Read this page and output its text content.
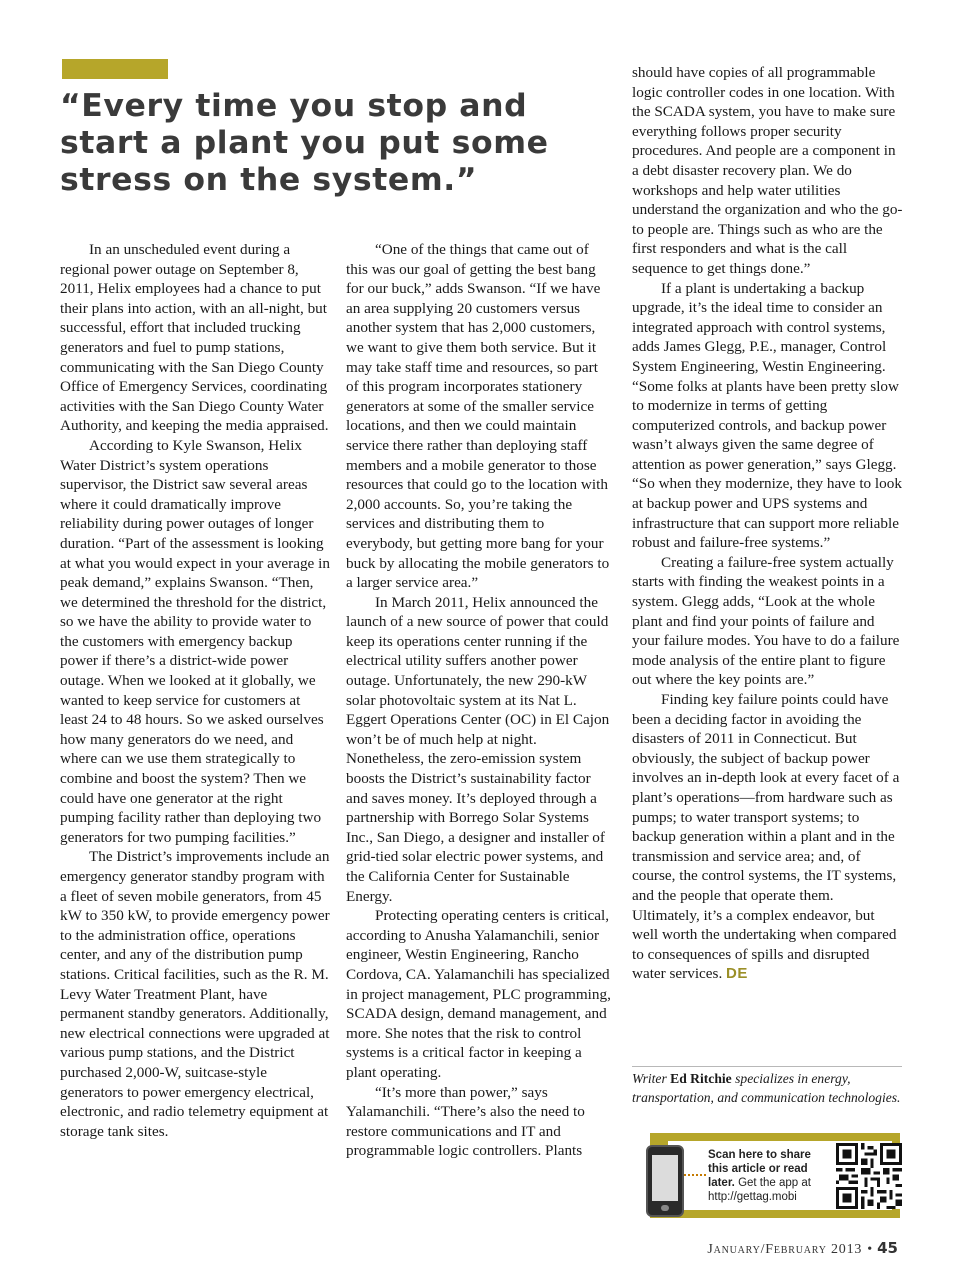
“Every time you stop and start a plant you put some stress on the system.”

In an unscheduled event during a regional power outage on September 8, 2011, Helix employees had a chance to put their plans into action, with an all-night, but successful, effort that included trucking generators and fuel to pump stations, communicating with the San Diego County Office of Emergency Services, coordinating activities with the San Diego County Water Authority, and keeping the media appraised.

According to Kyle Swanson, Helix Water District’s system operations supervisor, the District saw several areas where it could dramatically improve reliability during power outages of longer duration. “Part of the assessment is looking at what you would expect in your average in peak demand,” explains Swanson. “Then, we determined the threshold for the district, so we have the ability to provide water to the customers with emergency backup power if there’s a district-wide power outage. When we looked at it globally, we wanted to keep service for customers at least 24 to 48 hours. So we asked ourselves how many generators do we need, and where can we use them strategically to combine and boost the system? Then we could have one generator at the right pumping facility rather than deploying two generators for two pumping facilities.”

The District’s improvements include an emergency generator standby program with a fleet of seven mobile generators, from 45 kW to 350 kW, to provide emergency power to the administration office, operations center, and any of the distribution pump stations. Critical facilities, such as the R. M. Levy Water Treatment Plant, have permanent standby generators. Additionally, new electrical connections were upgraded at various pump stations, and the District purchased 2,000-W, suitcase-style generators to power emergency electrical, electronic, and radio telemetry equipment at storage tank sites.

“One of the things that came out of this was our goal of getting the best bang for our buck,” adds Swanson. “If we have an area supplying 20 customers versus another system that has 2,000 customers, we want to give them both service. But it may take staff time and resources, so part of this program incorporates stationery generators at some of the smaller service locations, and then we could maintain service there rather than deploying staff members and a mobile generator to those resources that could go to the location with 2,000 accounts. So, you’re taking the services and distributing them to everybody, but getting more bang for your buck by allocating the mobile generators to a larger service area.”

In March 2011, Helix announced the launch of a new source of power that could keep its operations center running if the electrical utility suffers another power outage. Unfortunately, the new 290-kW solar photovoltaic system at its Nat L. Eggert Operations Center (OC) in El Cajon won’t be of much help at night. Nonetheless, the zero-emission system boosts the District’s sustainability factor and saves money. It’s deployed through a partnership with Borrego Solar Systems Inc., San Diego, a designer and installer of grid-tied solar electric power systems, and the California Center for Sustainable Energy.

Protecting operating centers is critical, according to Anusha Yalamanchili, senior engineer, Westin Engineering, Rancho Cordova, CA. Yalamanchili has specialized in project management, PLC programming, SCADA design, demand management, and more. She notes that the risk to control systems is a critical factor in keeping a plant operating.

“It’s more than power,” says Yalamanchili. “There’s also the need to restore communications and IT and programmable logic controllers. Plants

should have copies of all programmable logic controller codes in one location. With the SCADA system, you have to make sure everything follows proper security procedures. And people are a component in a debt disaster recovery plan. We do workshops and help water utilities understand the organization and who the go-to people are. Things such as who are the first responders and what is the call sequence to get things done.”

If a plant is undertaking a backup upgrade, it’s the ideal time to consider an integrated approach with control systems, adds James Glegg, P.E., manager, Control System Engineering, Westin Engineering. “Some folks at plants have been pretty slow to modernize in terms of getting computerized controls, and backup power wasn’t always given the same degree of attention as power generation,” says Glegg. “So when they modernize, they have to look at backup power and UPS systems and infrastructure that can support more reliable robust and failure-free systems.”

Creating a failure-free system actually starts with finding the weakest points in a system. Glegg adds, “Look at the whole plant and find your points of failure and your failure modes. You have to do a failure mode analysis of the entire plant to figure out where the key points are.”

Finding key failure points could have been a deciding factor in avoiding the disasters of 2011 in Connecticut. But obviously, the subject of backup power involves an in-depth look at every facet of a plant’s operations—from hardware such as pumps; to water transport systems; to backup generation within a plant and in the transmission and service area; and, of course, the control systems, the IT systems, and the people that operate them. Ultimately, it’s a complex endeavor, but well worth the undertaking when compared to consequences of spills and disrupted water services. DE

Writer Ed Ritchie specializes in energy, transportation, and communication technologies.

Scan here to share this article or read later. Get the app at http://gettag.mobi
January/February 2013 • 45
